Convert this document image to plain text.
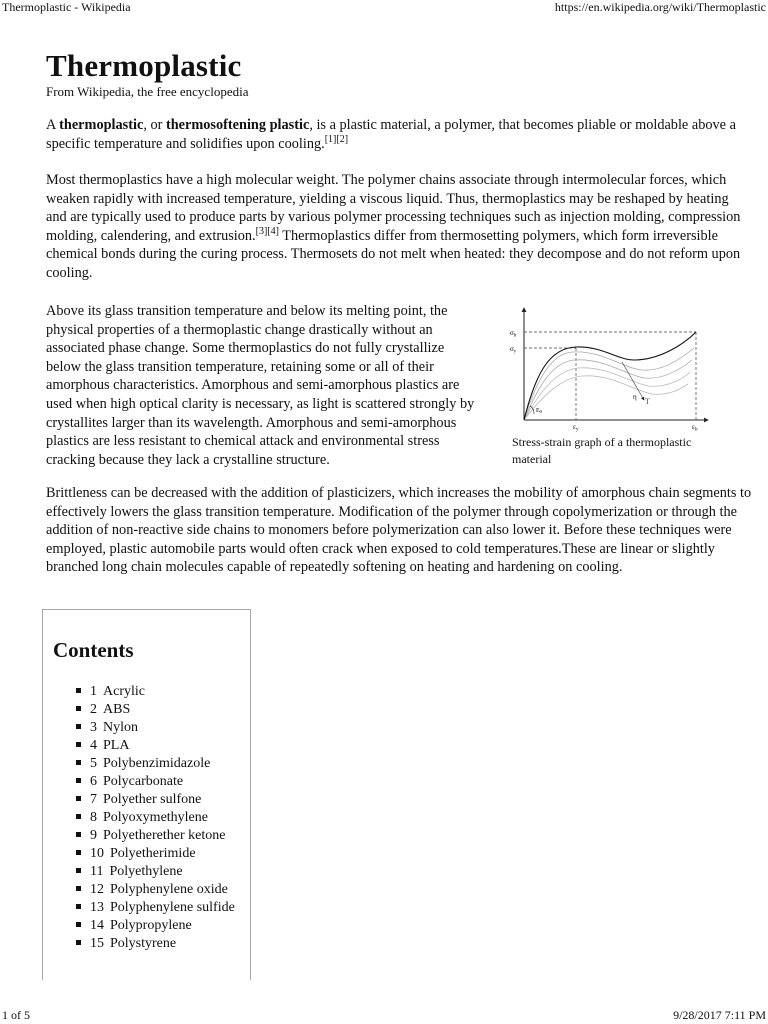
Thermoplastic - Wikipedia	https://en.wikipedia.org/wiki/Thermoplastic
1 of 5	9/28/2017 7:11 PM
Thermoplastic
From Wikipedia, the free encyclopedia

A thermoplastic, or thermosoftening plastic, is a plastic material, a polymer, that becomes pliable or moldable above a specific temperature and solidifies upon cooling.[1][2]

Most thermoplastics have a high molecular weight. The polymer chains associate through intermolecular forces, which weaken rapidly with increased temperature, yielding a viscous liquid. Thus, thermoplastics may be reshaped by heating and are typically used to produce parts by various polymer processing techniques such as injection molding, compression molding, calendering, and extrusion.[3][4] Thermoplastics differ from thermosetting polymers, which form irreversible chemical bonds during the curing process. Thermosets do not melt when heated: they decompose and do not reform upon cooling.

Above its glass transition temperature and below its melting point, the physical properties of a thermoplastic change drastically without an associated phase change. Some thermoplastics do not fully crystallize below the glass transition temperature, retaining some or all of their amorphous characteristics. Amorphous and semi-amorphous plastics are used when high optical clarity is necessary, as light is scattered strongly by crystallites larger than its wavelength. Amorphous and semi-amorphous plastics are less resistant to chemical attack and environmental stress cracking because they lack a crystalline structure.

$\sigma_b$
$\sigma_y$
$\varepsilon_y$	$\varepsilon_b$
E0
η T
Stress-strain graph of a thermoplastic material

Brittleness can be decreased with the addition of plasticizers, which increases the mobility of amorphous chain segments to effectively lowers the glass transition temperature. Modification of the polymer through copolymerization or through the addition of non-reactive side chains to monomers before polymerization can also lower it. Before these techniques were employed, plastic automobile parts would often crack when exposed to cold temperatures.These are linear or slightly branched long chain molecules capable of repeatedly softening on heating and hardening on cooling.

Contents
1 Acrylic
2 ABS
3 Nylon
4 PLA
5 Polybenzimidazole
6 Polycarbonate
7 Polyether sulfone
8 Polyoxymethylene
9 Polyetherether ketone
10 Polyetherimide
11 Polyethylene
12 Polyphenylene oxide
13 Polyphenylene sulfide
14 Polypropylene
15 Polystyrene
